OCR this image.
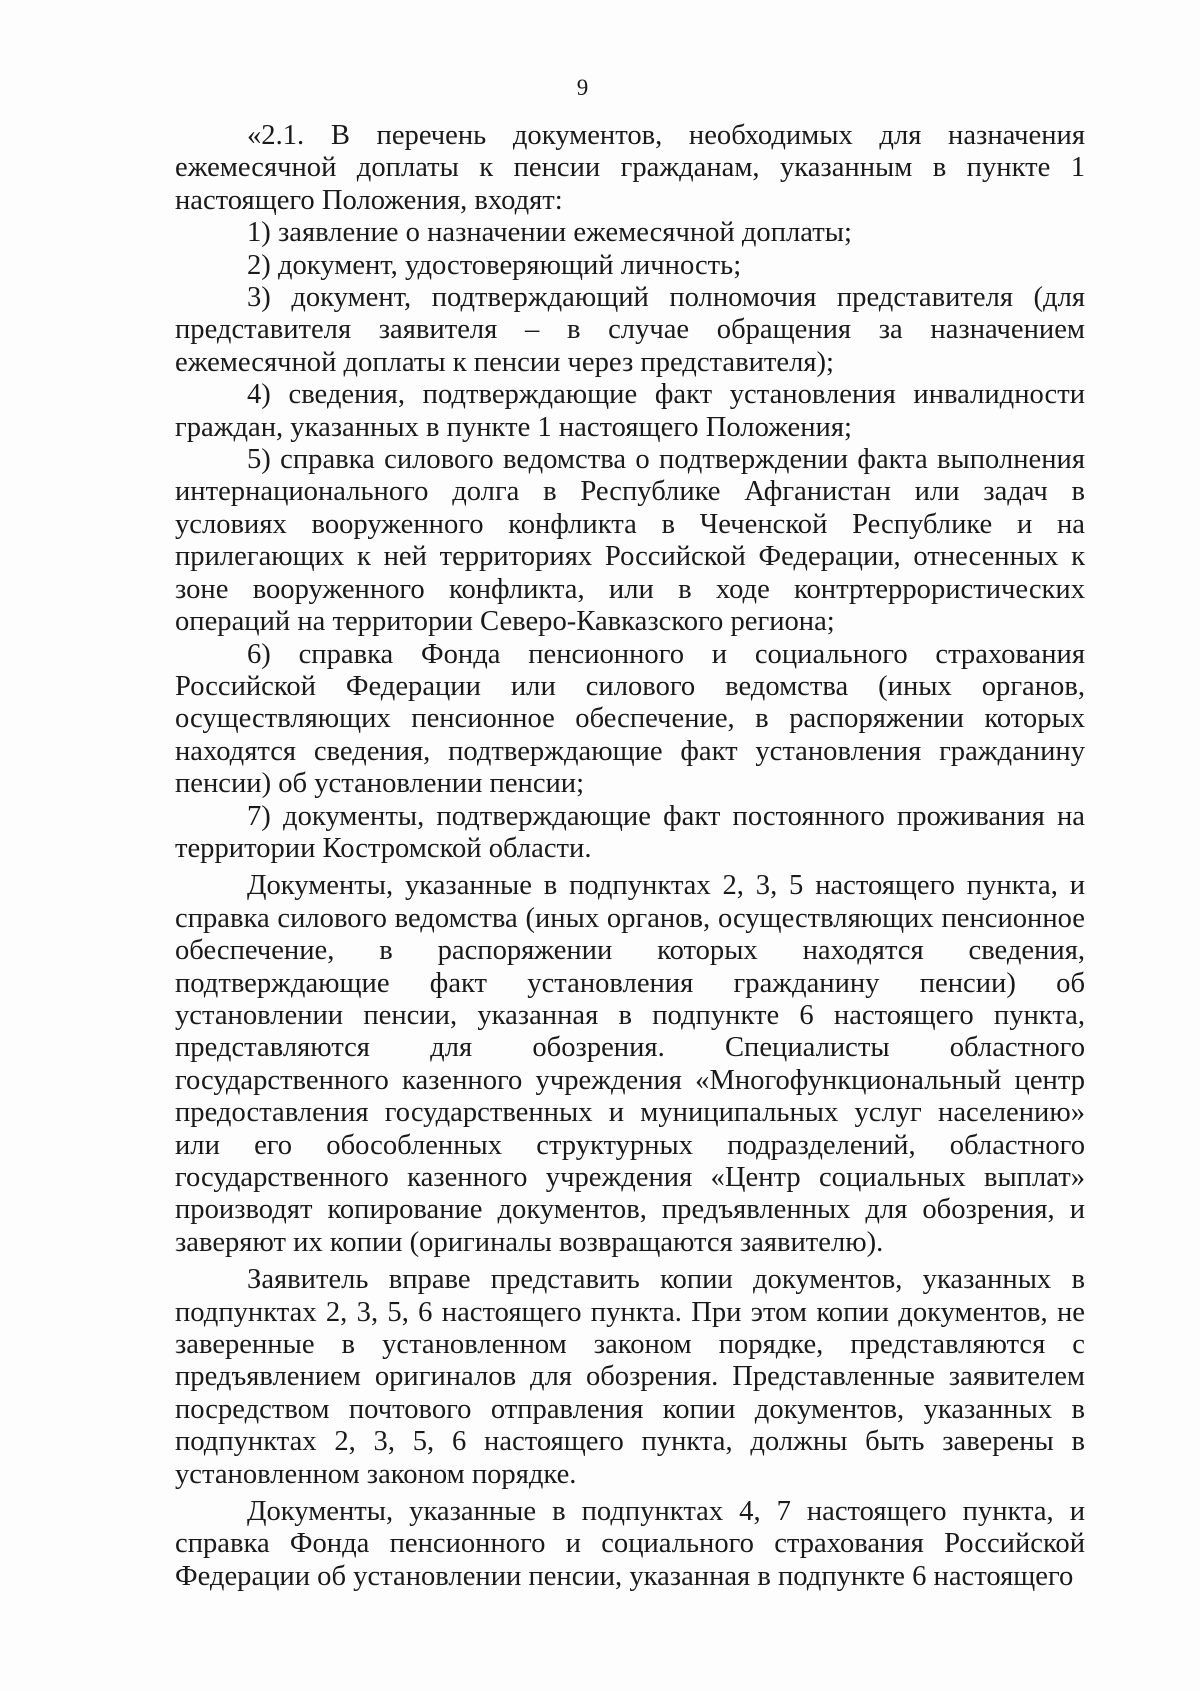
9

«2.1. В перечень документов, необходимых для назначения ежемесячной доплаты к пенсии гражданам, указанным в пункте 1 настоящего Положения, входят:

1) заявление о назначении ежемесячной доплаты;

2) документ, удостоверяющий личность;

3) документ, подтверждающий полномочия представителя (для представителя заявителя – в случае обращения за назначением ежемесячной доплаты к пенсии через представителя);

4) сведения, подтверждающие факт установления инвалидности граждан, указанных в пункте 1 настоящего Положения;

5) справка силового ведомства о подтверждении факта выполнения интернационального долга в Республике Афганистан или задач в условиях вооруженного конфликта в Чеченской Республике и на прилегающих к ней территориях Российской Федерации, отнесенных к зоне вооруженного конфликта, или в ходе контртеррористических операций на территории Северо-Кавказского региона;

6) справка Фонда пенсионного и социального страхования Российской Федерации или силового ведомства (иных органов, осуществляющих пенсионное обеспечение, в распоряжении которых находятся сведения, подтверждающие факт установления гражданину пенсии) об установлении пенсии;

7) документы, подтверждающие факт постоянного проживания на территории Костромской области.

Документы, указанные в подпунктах 2, 3, 5 настоящего пункта, и справка силового ведомства (иных органов, осуществляющих пенсионное обеспечение, в распоряжении которых находятся сведения, подтверждающие факт установления гражданину пенсии) об установлении пенсии, указанная в подпункте 6 настоящего пункта, представляются для обозрения. Специалисты областного государственного казенного учреждения «Многофункциональный центр предоставления государственных и муниципальных услуг населению» или его обособленных структурных подразделений, областного государственного казенного учреждения «Центр социальных выплат» производят копирование документов, предъявленных для обозрения, и заверяют их копии (оригиналы возвращаются заявителю).

Заявитель вправе представить копии документов, указанных в подпунктах 2, 3, 5, 6 настоящего пункта. При этом копии документов, не заверенные в установленном законом порядке, представляются с предъявлением оригиналов для обозрения. Представленные заявителем посредством почтового отправления копии документов, указанных в подпунктах 2, 3, 5, 6 настоящего пункта, должны быть заверены в установленном законом порядке.

Документы, указанные в подпунктах 4, 7 настоящего пункта, и справка Фонда пенсионного и социального страхования Российской Федерации об установлении пенсии, указанная в подпункте 6 настоящего
